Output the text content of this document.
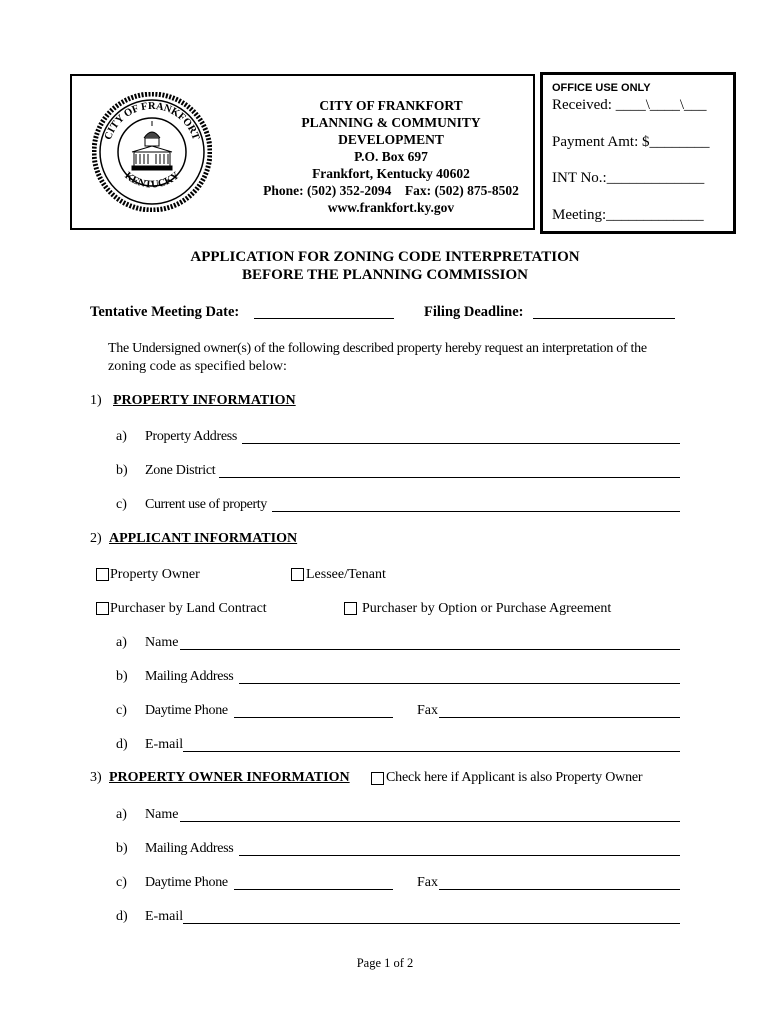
CITY OF FRANKFORT
KENTUCKY
CITY OF FRANKFORT
PLANNING & COMMUNITY
DEVELOPMENT
P.O. Box 697
Frankfort, Kentucky 40602
Phone: (502) 352-2094    Fax: (502) 875-8502
www.frankfort.ky.gov
OFFICE USE ONLY
Received: ____\____\___
Payment Amt: $________
INT No.:_____________
Meeting:_____________
APPLICATION FOR ZONING CODE INTERPRETATION
BEFORE THE PLANNING COMMISSION
Tentative Meeting Date:	Filing Deadline:
The Undersigned owner(s) of the following described property hereby request an interpretation of the
zoning code as specified below:
1) PROPERTY INFORMATION
a) Property Address
b) Zone District
c) Current use of property
2) APPLICANT INFORMATION
Property Owner	Lessee/Tenant
Purchaser by Land Contract	Purchaser by Option or Purchase Agreement
a) Name
b) Mailing Address
c) Daytime Phone	Fax
d) E-mail
3) PROPERTY OWNER INFORMATION	Check here if Applicant is also Property Owner
a) Name
b) Mailing Address
c) Daytime Phone	Fax
d) E-mail
Page 1 of 2
